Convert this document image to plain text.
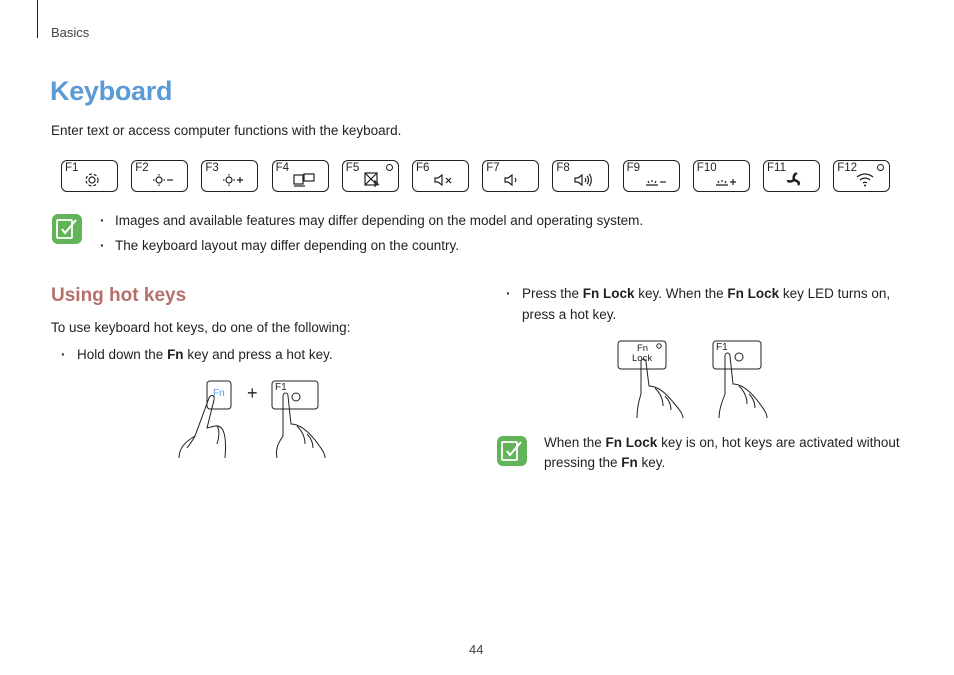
Basics
Keyboard
Enter text or access computer functions with the keyboard.
F1	F2	F3	F4	F5	F6	F7	F8	F9	F10	F11	F12
· Images and available features may differ depending on the model and operating system.
· The keyboard layout may differ depending on the country.
Using hot keys
To use keyboard hot keys, do one of the following:
· Hold down the Fn key and press a hot key.
Fn + F1
· Press the Fn Lock key. When the Fn Lock key LED turns on,
press a hot key.
Fn
Lock
F1
When the Fn Lock key is on, hot keys are activated without
pressing the Fn key.
44
